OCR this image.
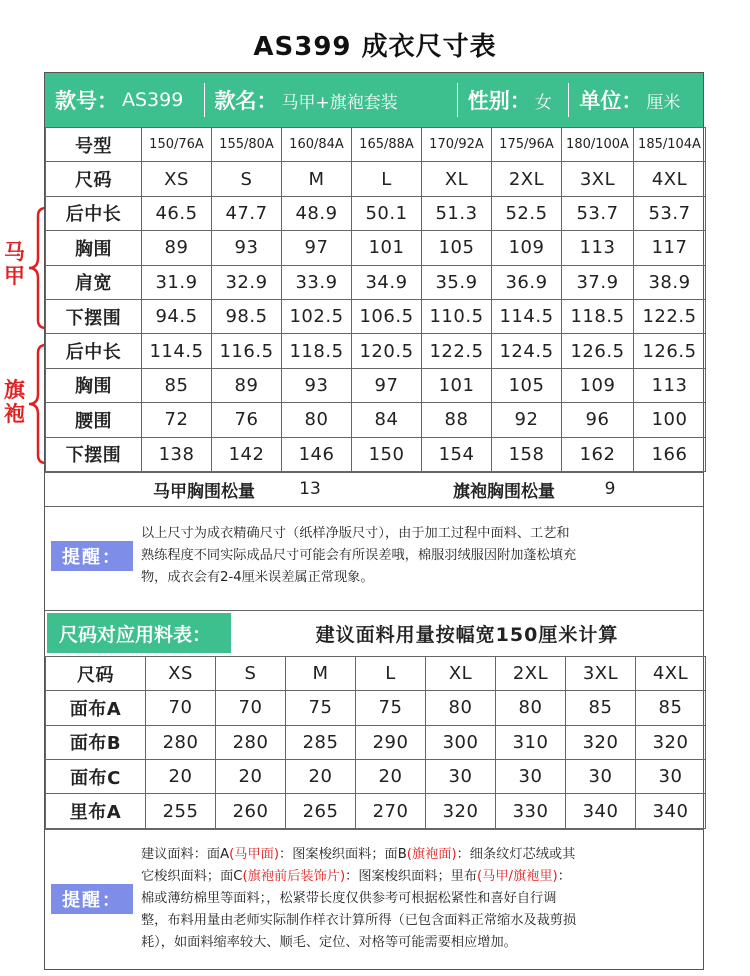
AS399 成衣尺寸表
马甲
旗袍
款号： AS399 款名： 马甲+旗袍套装	性别： 女 单位： 厘米
号型	150/76A	155/80A	160/84A	165/88A	170/92A	175/96A	180/100A	185/104A
尺码	XS	S	M	L	XL	2XL	3XL	4XL
后中长	46.5	47.7	48.9	50.1	51.3	52.5	53.7	53.7
胸围	89	93	97	101	105	109	113	117
肩宽	31.9	32.9	33.9	34.9	35.9	36.9	37.9	38.9
下摆围	94.5	98.5	102.5	106.5	110.5	114.5	118.5	122.5
后中长	114.5	116.5	118.5	120.5	122.5	124.5	126.5	126.5
胸围	85	89	93	97	101	105	109	113
腰围	72	76	80	84	88	92	96	100
下摆围	138	142	146	150	154	158	162	166
马甲胸围松量	13	旗袍胸围松量	9
提醒：
以上尺寸为成衣精确尺寸（纸样净版尺寸），由于加工过程中面料、工艺和
熟练程度不同实际成品尺寸可能会有所误差哦，棉服羽绒服因附加蓬松填充
物，成衣会有2-4厘米误差属正常现象。
尺码对应用料表：	建议面料用量按幅宽150厘米计算
尺码	XS	S	M	L	XL	2XL	3XL	4XL
面布A	70	70	75	75	80	80	85	85
面布B	280	280	285	290	300	310	320	320
面布C	20	20	20	20	30	30	30	30
里布A	255	260	265	270	320	330	340	340
提醒：
建议面料：面A(马甲面)：图案梭织面料；面B(旗袍面)：细条纹灯芯绒或其
它梭织面料；面C(旗袍前后装饰片)：图案梭织面料；里布(马甲/旗袍里)：
棉或薄纺棉里等面料；，松紧带长度仅供参考可根据松紧性和喜好自行调
整，布料用量由老师实际制作样衣计算所得（已包含面料正常缩水及裁剪损
耗），如面料缩率较大、顺毛、定位、对格等可能需要相应增加。
